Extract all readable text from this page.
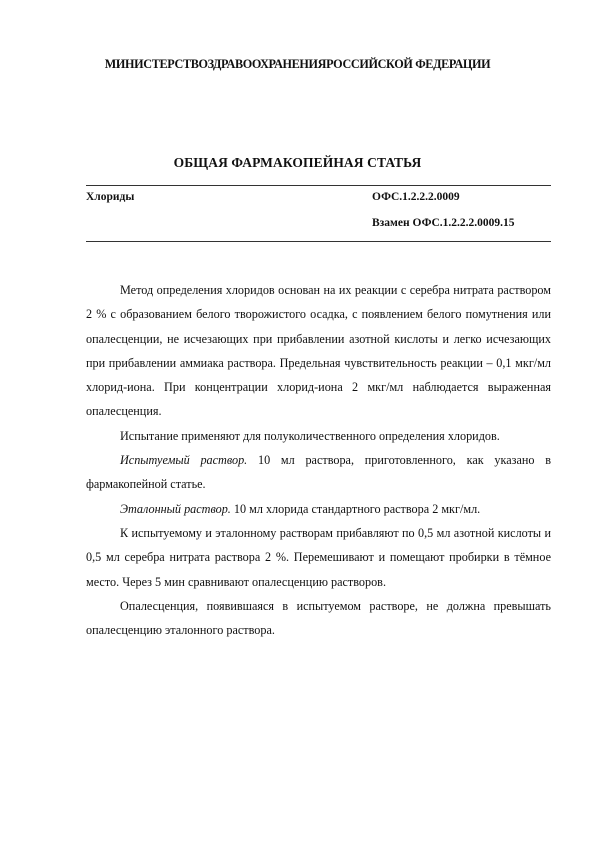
МИНИСТЕРСТВОЗДРАВООХРАНЕНИЯРОССИЙСКОЙ ФЕДЕРАЦИИ
ОБЩАЯ ФАРМАКОПЕЙНАЯ СТАТЬЯ
Хлориды	ОФС.1.2.2.2.0009
Взамен ОФС.1.2.2.2.0009.15

Метод определения хлоридов основан на их реакции с серебра нитрата раствором 2 % с образованием белого творожистого осадка, с появлением белого помутнения или опалесценции, не исчезающих при прибавлении азотной кислоты и легко исчезающих при прибавлении аммиака раствора. Предельная чувствительность реакции – 0,1 мкг/мл хлорид-иона. При концентрации хлорид-иона 2 мкг/мл наблюдается выраженная опалесценция.

Испытание применяют для полуколичественного определения хлоридов.

Испытуемый раствор. 10 мл раствора, приготовленного, как указано в фармакопейной статье.

Эталонный раствор. 10 мл хлорида стандартного раствора 2 мкг/мл.

К испытуемому и эталонному растворам прибавляют по 0,5 мл азотной кислоты и 0,5 мл серебра нитрата раствора 2 %. Перемешивают и помещают пробирки в тёмное место. Через 5 мин сравнивают опалесценцию растворов.

Опалесценция, появившаяся в испытуемом растворе, не должна превышать опалесценцию эталонного раствора.
